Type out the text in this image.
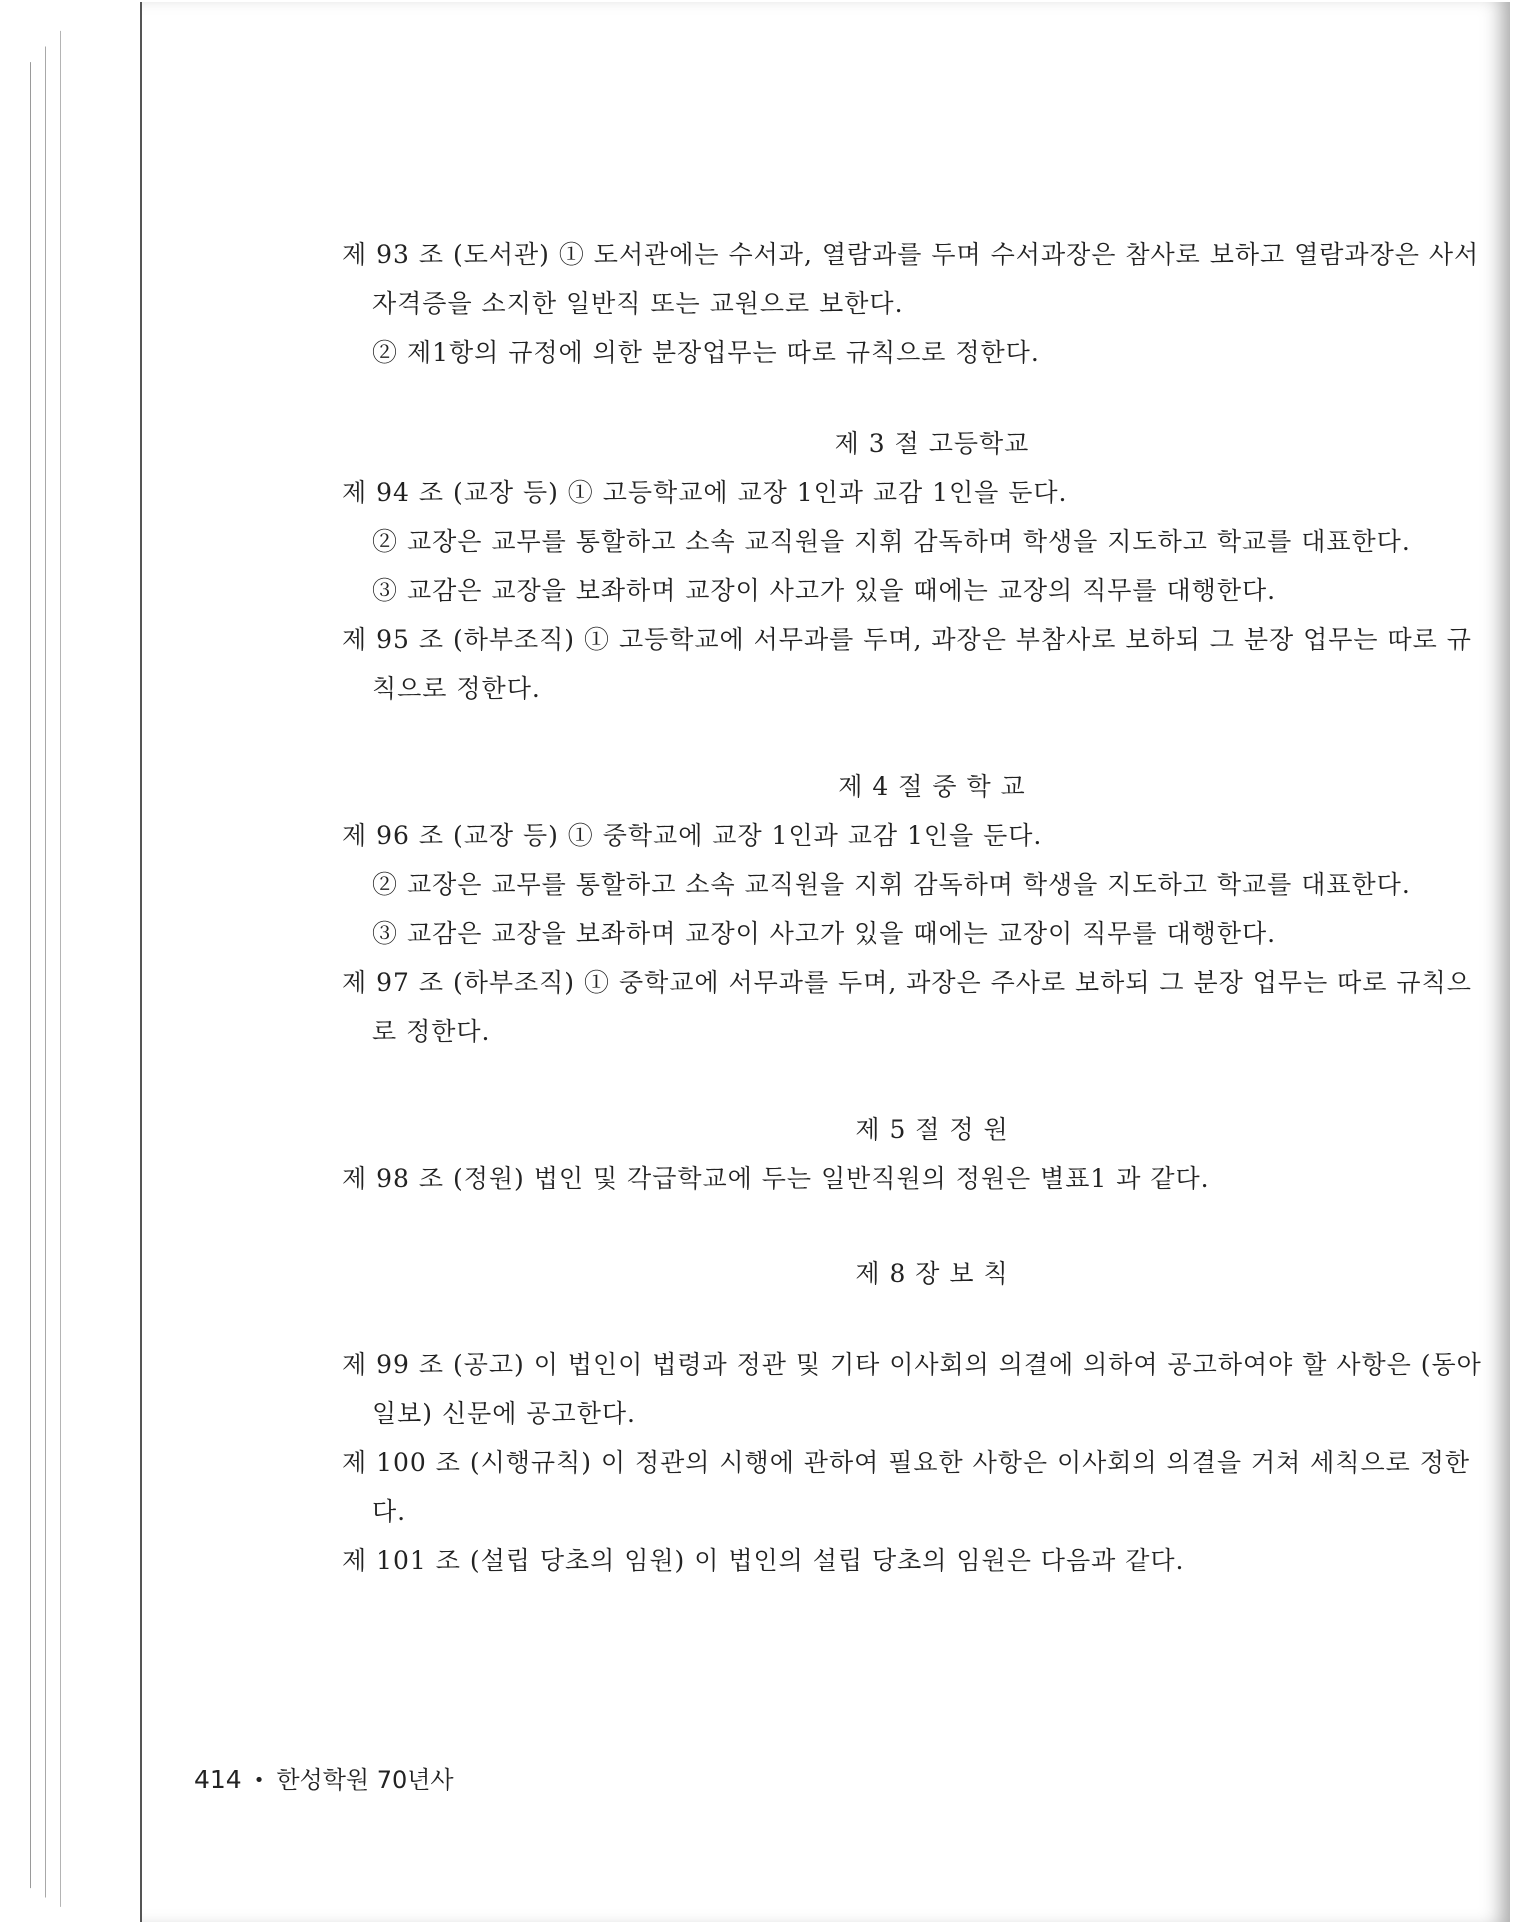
제 93 조 (도서관) ① 도서관에는 수서과, 열람과를 두며 수서과장은 참사로 보하고 열람과장은 사서자격증을 소지한 일반직 또는 교원으로 보한다.
② 제1항의 규정에 의한 분장업무는 따로 규칙으로 정한다.
제 3 절 고등학교
제 94 조 (교장 등) ① 고등학교에 교장 1인과 교감 1인을 둔다.
② 교장은 교무를 통할하고 소속 교직원을 지휘 감독하며 학생을 지도하고 학교를 대표한다.
③ 교감은 교장을 보좌하며 교장이 사고가 있을 때에는 교장의 직무를 대행한다.
제 95 조 (하부조직) ① 고등학교에 서무과를 두며, 과장은 부참사로 보하되 그 분장 업무는 따로 규칙으로 정한다.
제 4 절 중 학 교
제 96 조 (교장 등) ① 중학교에 교장 1인과 교감 1인을 둔다.
② 교장은 교무를 통할하고 소속 교직원을 지휘 감독하며 학생을 지도하고 학교를 대표한다.
③ 교감은 교장을 보좌하며 교장이 사고가 있을 때에는 교장이 직무를 대행한다.
제 97 조 (하부조직) ① 중학교에 서무과를 두며, 과장은 주사로 보하되 그 분장 업무는 따로 규칙으로 정한다.
제 5 절 정 원
제 98 조 (정원) 법인 및 각급학교에 두는 일반직원의 정원은 별표1 과 같다.
제 8 장 보 칙
제 99 조 (공고) 이 법인이 법령과 정관 및 기타 이사회의 의결에 의하여 공고하여야 할 사항은 (동아일보) 신문에 공고한다.
제 100 조 (시행규칙) 이 정관의 시행에 관하여 필요한 사항은 이사회의 의결을 거쳐 세칙으로 정한다.
제 101 조 (설립 당초의 임원) 이 법인의 설립 당초의 임원은 다음과 같다.
414 • 한성학원 70년사
